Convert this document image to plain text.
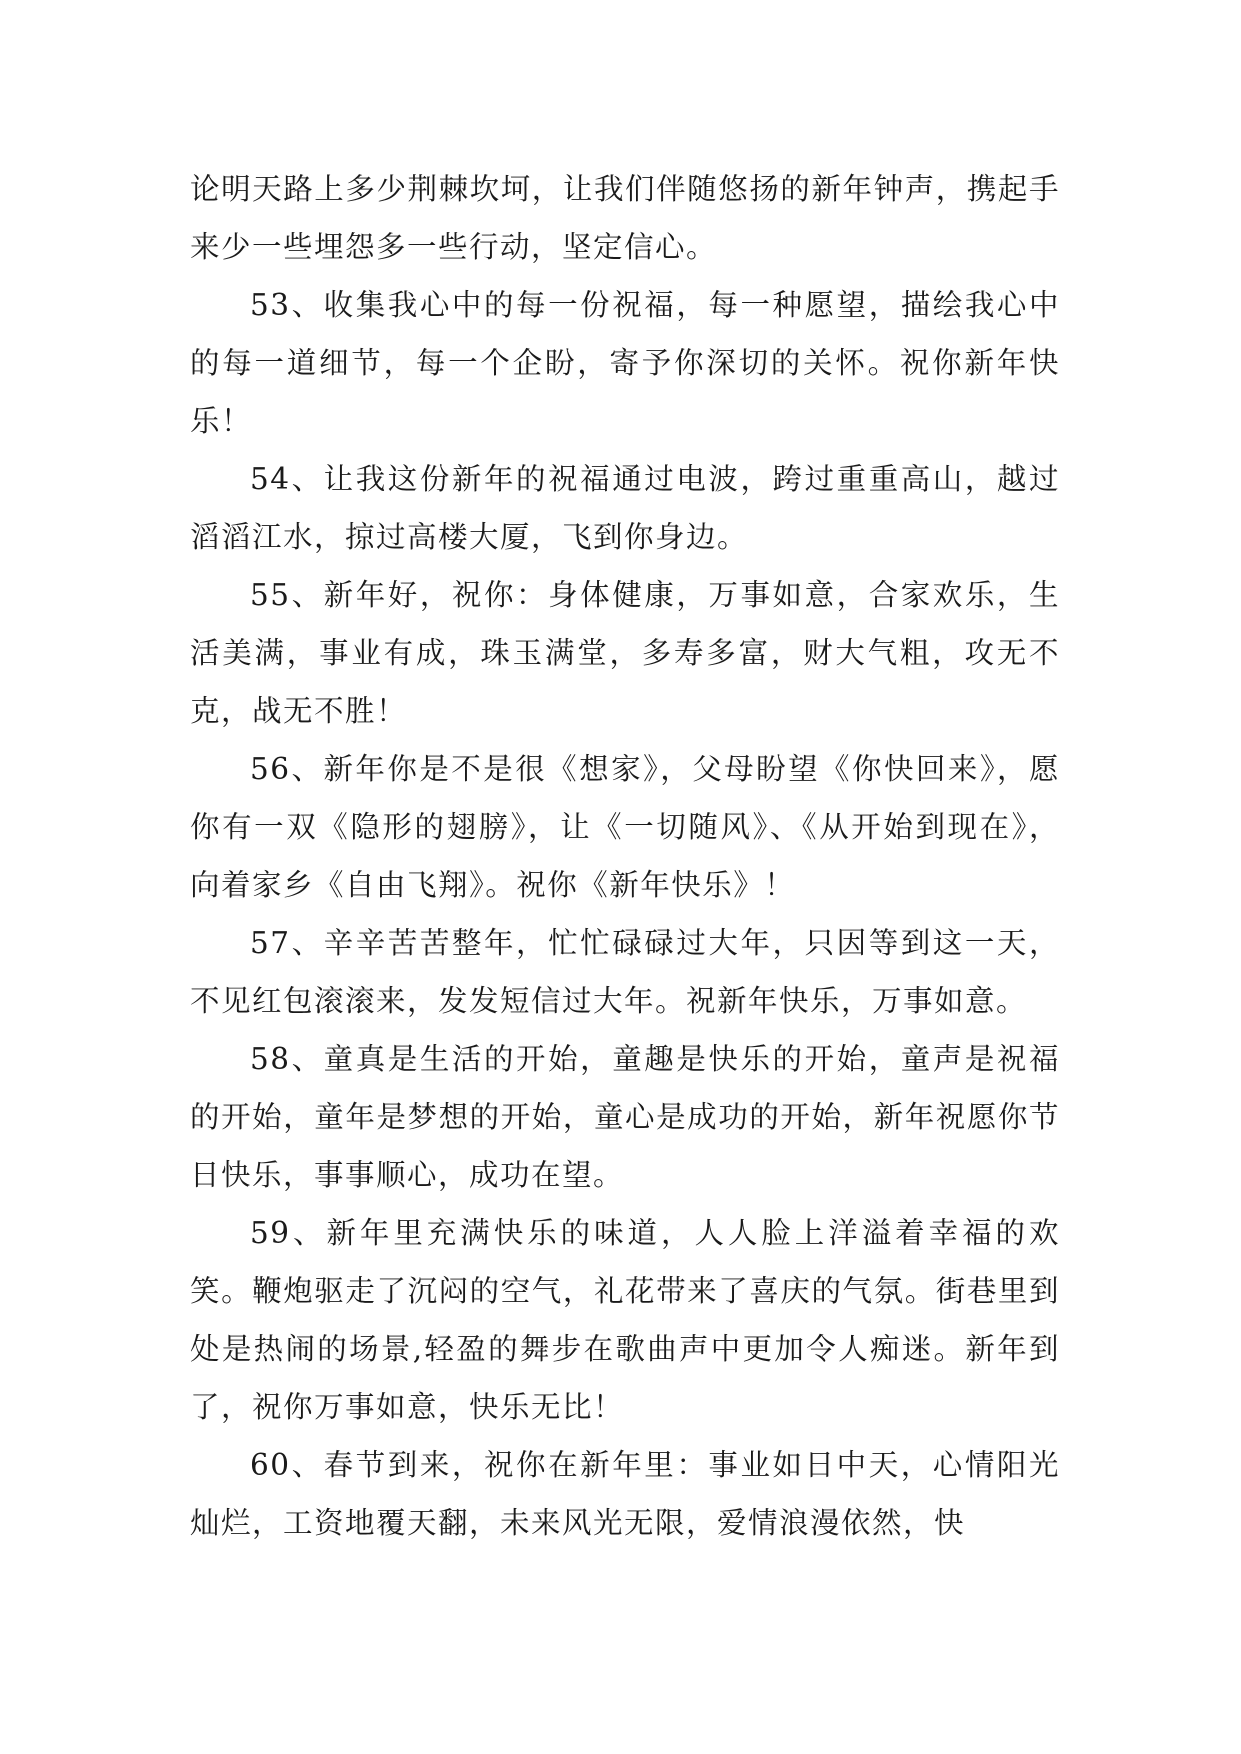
论明天路上多少荆棘坎坷，让我们伴随悠扬的新年钟声，携起手来少一些埋怨多一些行动，坚定信心。

53、收集我心中的每一份祝福，每一种愿望，描绘我心中的每一道细节，每一个企盼，寄予你深切的关怀。祝你新年快乐！

54、让我这份新年的祝福通过电波，跨过重重高山，越过滔滔江水，掠过高楼大厦，飞到你身边。

55、新年好，祝你：身体健康，万事如意，合家欢乐，生活美满，事业有成，珠玉满堂，多寿多富，财大气粗，攻无不克，战无不胜！

56、新年你是不是很《想家》，父母盼望《你快回来》，愿你有一双《隐形的翅膀》，让《一切随风》、《从开始到现在》，向着家乡《自由飞翔》。祝你《新年快乐》！

57、辛辛苦苦整年，忙忙碌碌过大年，只因等到这一天，不见红包滚滚来，发发短信过大年。祝新年快乐，万事如意。

58、童真是生活的开始，童趣是快乐的开始，童声是祝福的开始，童年是梦想的开始，童心是成功的开始，新年祝愿你节日快乐，事事顺心，成功在望。

59、新年里充满快乐的味道，人人脸上洋溢着幸福的欢笑。鞭炮驱走了沉闷的空气，礼花带来了喜庆的气氛。街巷里到处是热闹的场景,轻盈的舞步在歌曲声中更加令人痴迷。新年到了，祝你万事如意，快乐无比！

60、春节到来，祝你在新年里：事业如日中天，心情阳光灿烂，工资地覆天翻，未来风光无限，爱情浪漫依然，快
